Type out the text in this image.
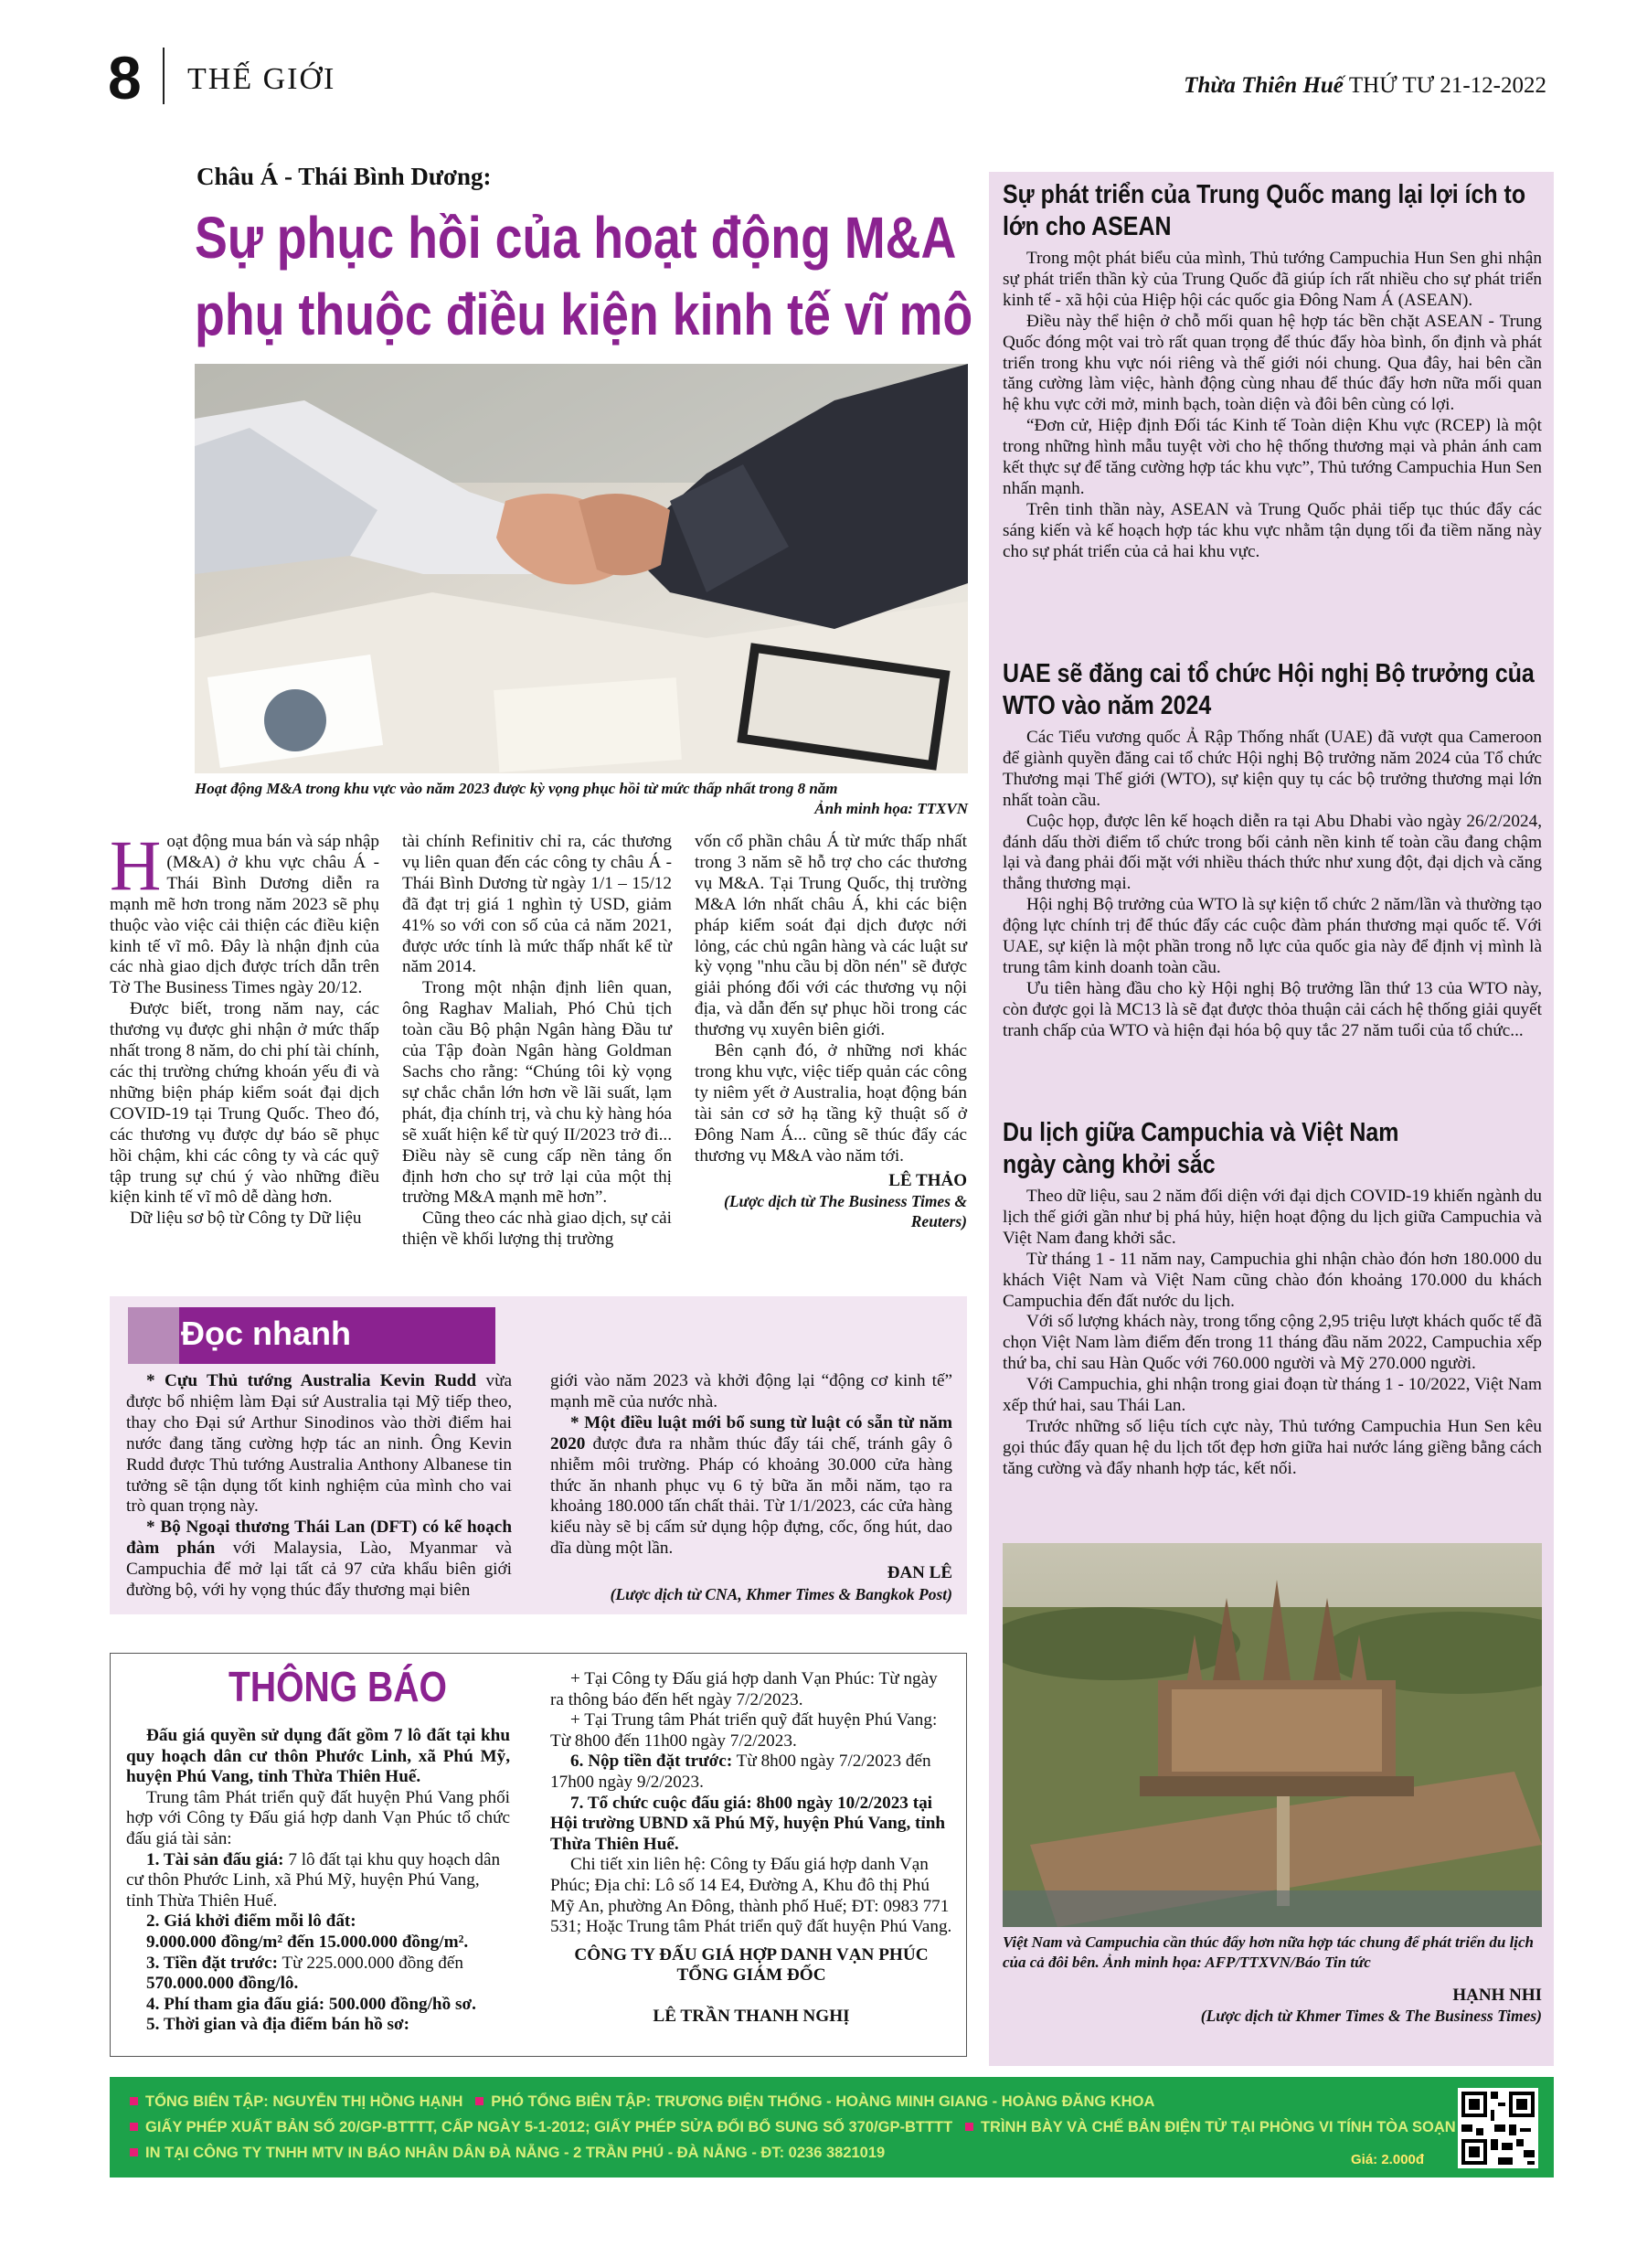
8 THẾ GIỚI	Thừa Thiên Huế THỨ TƯ 21-12-2022
Châu Á - Thái Bình Dương:
Sự phục hồi của hoạt động M&A
phụ thuộc điều kiện kinh tế vĩ mô
Hoạt động M&A trong khu vực vào năm 2023 được kỳ vọng phục hồi từ mức thấp nhất trong 8 năm
Ảnh minh họa: TTXVN

Hoạt động mua bán và sáp nhập (M&A) ở khu vực châu Á - Thái Bình Dương diễn ra mạnh mẽ hơn trong năm 2023 sẽ phụ thuộc vào việc cải thiện các điều kiện kinh tế vĩ mô. Đây là nhận định của các nhà giao dịch được trích dẫn trên Tờ The Business Times ngày 20/12.

Được biết, trong năm nay, các thương vụ được ghi nhận ở mức thấp nhất trong 8 năm, do chi phí tài chính, các thị trường chứng khoán yếu đi và những biện pháp kiểm soát đại dịch COVID-19 tại Trung Quốc. Theo đó, các thương vụ được dự báo sẽ phục hồi chậm, khi các công ty và các quỹ tập trung sự chú ý vào những điều kiện kinh tế vĩ mô dễ dàng hơn.

Dữ liệu sơ bộ từ Công ty Dữ liệu

tài chính Refinitiv chỉ ra, các thương vụ liên quan đến các công ty châu Á - Thái Bình Dương từ ngày 1/1 – 15/12 đã đạt trị giá 1 nghìn tỷ USD, giảm 41% so với con số của cả năm 2021, được ước tính là mức thấp nhất kể từ năm 2014.

Trong một nhận định liên quan, ông Raghav Maliah, Phó Chủ tịch toàn cầu Bộ phận Ngân hàng Đầu tư của Tập đoàn Ngân hàng Goldman Sachs cho rằng: “Chúng tôi kỳ vọng sự chắc chắn lớn hơn về lãi suất, lạm phát, địa chính trị, và chu kỳ hàng hóa sẽ xuất hiện kể từ quý II/2023 trở đi... Điều này sẽ cung cấp nền tảng ổn định hơn cho sự trở lại của một thị trường M&A mạnh mẽ hơn”.

Cũng theo các nhà giao dịch, sự cải thiện về khối lượng thị trường

vốn cổ phần châu Á từ mức thấp nhất trong 3 năm sẽ hỗ trợ cho các thương vụ M&A. Tại Trung Quốc, thị trường M&A lớn nhất châu Á, khi các biện pháp kiểm soát đại dịch được nới lỏng, các chủ ngân hàng và các luật sư kỳ vọng "nhu cầu bị dồn nén" sẽ được giải phóng đối với các thương vụ nội địa, và dẫn đến sự phục hồi trong các thương vụ xuyên biên giới.

Bên cạnh đó, ở những nơi khác trong khu vực, việc tiếp quản các công ty niêm yết ở Australia, hoạt động bán tài sản cơ sở hạ tầng kỹ thuật số ở Đông Nam Á... cũng sẽ thúc đẩy các thương vụ M&A vào năm tới.

LÊ THẢO
(Lược dịch từ The Business Times & Reuters)
Sự phát triển của Trung Quốc mang lại lợi ích to lớn cho ASEAN

Trong một phát biểu của mình, Thủ tướng Campuchia Hun Sen ghi nhận sự phát triển thần kỳ của Trung Quốc đã giúp ích rất nhiều cho sự phát triển kinh tế - xã hội của Hiệp hội các quốc gia Đông Nam Á (ASEAN).

Điều này thể hiện ở chỗ mối quan hệ hợp tác bền chặt ASEAN - Trung Quốc đóng một vai trò rất quan trọng để thúc đẩy hòa bình, ổn định và phát triển trong khu vực nói riêng và thế giới nói chung. Qua đây, hai bên cần tăng cường làm việc, hành động cùng nhau để thúc đẩy hơn nữa mối quan hệ khu vực cởi mở, minh bạch, toàn diện và đôi bên cùng có lợi.

“Đơn cử, Hiệp định Đối tác Kinh tế Toàn diện Khu vực (RCEP) là một trong những hình mẫu tuyệt vời cho hệ thống thương mại và phản ánh cam kết thực sự để tăng cường hợp tác khu vực”, Thủ tướng Campuchia Hun Sen nhấn mạnh.

Trên tinh thần này, ASEAN và Trung Quốc phải tiếp tục thúc đẩy các sáng kiến và kế hoạch hợp tác khu vực nhằm tận dụng tối đa tiềm năng này cho sự phát triển của cả hai khu vực.

UAE sẽ đăng cai tổ chức Hội nghị Bộ trưởng của WTO vào năm 2024

Các Tiểu vương quốc Ả Rập Thống nhất (UAE) đã vượt qua Cameroon để giành quyền đăng cai tổ chức Hội nghị Bộ trưởng năm 2024 của Tổ chức Thương mại Thế giới (WTO), sự kiện quy tụ các bộ trưởng thương mại lớn nhất toàn cầu.

Cuộc họp, được lên kế hoạch diễn ra tại Abu Dhabi vào ngày 26/2/2024, đánh dấu thời điểm tổ chức trong bối cảnh nền kinh tế toàn cầu đang chậm lại và đang phải đối mặt với nhiều thách thức như xung đột, đại dịch và căng thẳng thương mại.

Hội nghị Bộ trưởng của WTO là sự kiện tổ chức 2 năm/lần và thường tạo động lực chính trị để thúc đẩy các cuộc đàm phán thương mại quốc tế. Với UAE, sự kiện là một phần trong nỗ lực của quốc gia này để định vị mình là trung tâm kinh doanh toàn cầu.

Ưu tiên hàng đầu cho kỳ Hội nghị Bộ trưởng lần thứ 13 của WTO này, còn được gọi là MC13 là sẽ đạt được thỏa thuận cải cách hệ thống giải quyết tranh chấp của WTO và hiện đại hóa bộ quy tắc 27 năm tuổi của tổ chức...

Du lịch giữa Campuchia và Việt Nam
ngày càng khởi sắc

Theo dữ liệu, sau 2 năm đối diện với đại dịch COVID-19 khiến ngành du lịch thế giới gần như bị phá hủy, hiện hoạt động du lịch giữa Campuchia và Việt Nam đang khởi sắc.

Từ tháng 1 - 11 năm nay, Campuchia ghi nhận chào đón hơn 180.000 du khách Việt Nam và Việt Nam cũng chào đón khoảng 170.000 du khách Campuchia đến đất nước du lịch.

Với số lượng khách này, trong tổng cộng 2,95 triệu lượt khách quốc tế đã chọn Việt Nam làm điểm đến trong 11 tháng đầu năm 2022, Campuchia xếp thứ ba, chỉ sau Hàn Quốc với 760.000 người và Mỹ 270.000 người.

Với Campuchia, ghi nhận trong giai đoạn từ tháng 1 - 10/2022, Việt Nam xếp thứ hai, sau Thái Lan.

Trước những số liệu tích cực này, Thủ tướng Campuchia Hun Sen kêu gọi thúc đẩy quan hệ du lịch tốt đẹp hơn giữa hai nước láng giềng bằng cách tăng cường và đẩy nhanh hợp tác, kết nối.

Việt Nam và Campuchia cần thúc đẩy hơn nữa hợp tác chung để phát triển du lịch của cả đôi bên. Ảnh minh họa: AFP/TTXVN/Báo Tin tức
HẠNH NHI
(Lược dịch từ Khmer Times & The Business Times)
Đọc nhanh

* Cựu Thủ tướng Australia Kevin Rudd vừa được bổ nhiệm làm Đại sứ Australia tại Mỹ tiếp theo, thay cho Đại sứ Arthur Sinodinos vào thời điểm hai nước đang tăng cường hợp tác an ninh. Ông Kevin Rudd được Thủ tướng Australia Anthony Albanese tin tưởng sẽ tận dụng tốt kinh nghiệm của mình cho vai trò quan trọng này.

* Bộ Ngoại thương Thái Lan (DFT) có kế hoạch đàm phán với Malaysia, Lào, Myanmar và Campuchia để mở lại tất cả 97 cửa khẩu biên giới đường bộ, với hy vọng thúc đẩy thương mại biên

giới vào năm 2023 và khởi động lại “động cơ kinh tế” mạnh mẽ của nước nhà.

* Một điều luật mới bổ sung từ luật có sẵn từ năm 2020 được đưa ra nhằm thúc đẩy tái chế, tránh gây ô nhiễm môi trường. Pháp có khoảng 30.000 cửa hàng thức ăn nhanh phục vụ 6 tỷ bữa ăn mỗi năm, tạo ra khoảng 180.000 tấn chất thải. Từ 1/1/2023, các cửa hàng kiểu này sẽ bị cấm sử dụng hộp đựng, cốc, ống hút, dao dĩa dùng một lần.

ĐAN LÊ
(Lược dịch từ CNA, Khmer Times & Bangkok Post)
THÔNG BÁO

Đấu giá quyền sử dụng đất gồm 7 lô đất tại khu quy hoạch dân cư thôn Phước Linh, xã Phú Mỹ, huyện Phú Vang, tỉnh Thừa Thiên Huế.

Trung tâm Phát triển quỹ đất huyện Phú Vang phối hợp với Công ty Đấu giá hợp danh Vạn Phúc tổ chức đấu giá tài sản:

1. Tài sản đấu giá: 7 lô đất tại khu quy hoạch dân cư thôn Phước Linh, xã Phú Mỹ, huyện Phú Vang, tỉnh Thừa Thiên Huế.

2. Giá khởi điểm mỗi lô đất:

9.000.000 đồng/m² đến 15.000.000 đồng/m².

3. Tiền đặt trước: Từ 225.000.000 đồng đến

570.000.000 đồng/lô.

4. Phí tham gia đấu giá: 500.000 đồng/hồ sơ.

5. Thời gian và địa điểm bán hồ sơ:

+ Tại Công ty Đấu giá hợp danh Vạn Phúc: Từ ngày ra thông báo đến hết ngày 7/2/2023.

+ Tại Trung tâm Phát triển quỹ đất huyện Phú Vang: Từ 8h00 đến 11h00 ngày 7/2/2023.

6. Nộp tiền đặt trước: Từ 8h00 ngày 7/2/2023 đến 17h00 ngày 9/2/2023.

7. Tổ chức cuộc đấu giá: 8h00 ngày 10/2/2023 tại Hội trường UBND xã Phú Mỹ, huyện Phú Vang, tỉnh Thừa Thiên Huế.

Chi tiết xin liên hệ: Công ty Đấu giá hợp danh Vạn Phúc; Địa chỉ: Lô số 14 E4, Đường A, Khu đô thị Phú Mỹ An, phường An Đông, thành phố Huế; ĐT: 0983 771 531; Hoặc Trung tâm Phát triển quỹ đất huyện Phú Vang.

CÔNG TY ĐẤU GIÁ HỢP DANH VẠN PHÚC
TỔNG GIÁM ĐỐC
LÊ TRẦN THANH NGHỊ
TỔNG BIÊN TẬP: NGUYỄN THỊ HỒNG HẠNH PHÓ TỔNG BIÊN TẬP: TRƯƠNG ĐIỆN THỐNG - HOÀNG MINH GIANG - HOÀNG ĐĂNG KHOA
GIẤY PHÉP XUẤT BẢN SỐ 20/GP-BTTTT, CẤP NGÀY 5-1-2012; GIẤY PHÉP SỬA ĐỔI BỔ SUNG SỐ 370/GP-BTTTT TRÌNH BÀY VÀ CHẾ BẢN ĐIỆN TỬ TẠI PHÒNG VI TÍNH TÒA SOẠN
IN TẠI CÔNG TY TNHH MTV IN BÁO NHÂN DÂN ĐÀ NẴNG - 2 TRẦN PHÚ - ĐÀ NẴNG - ĐT: 0236 3821019	Giá: 2.000đ
